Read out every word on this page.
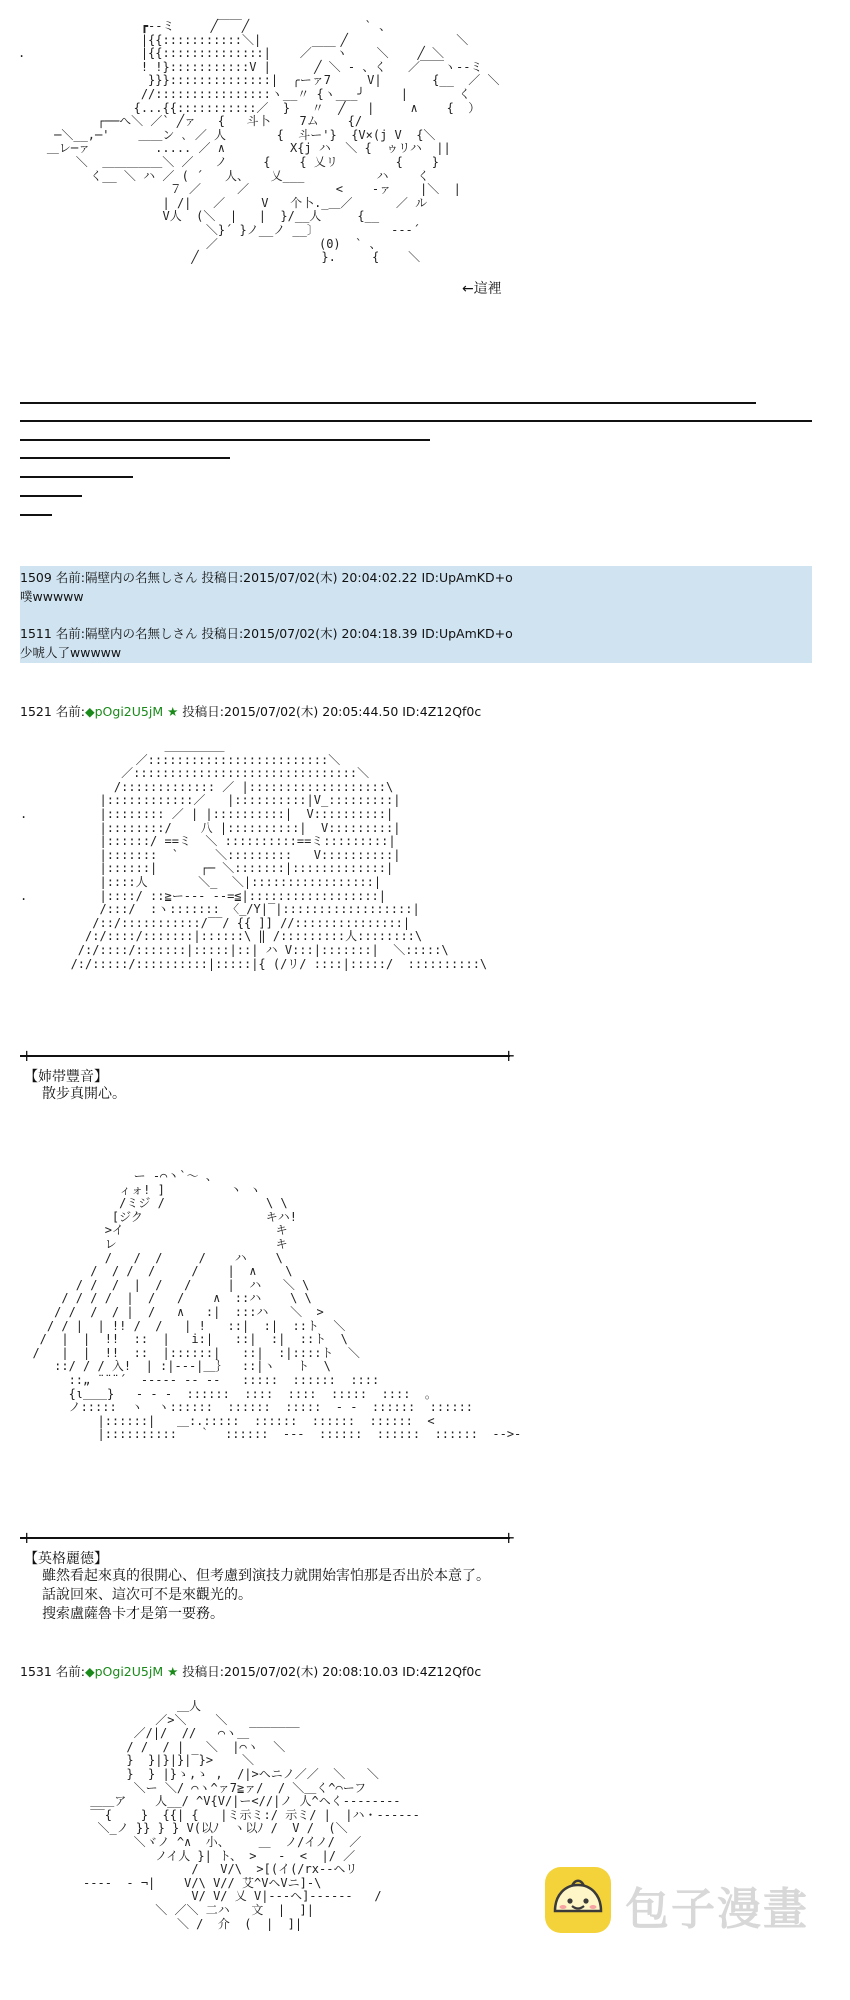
┏--ミ     ╱￣￣╱                ` 、
|{{:::::::::::＼|           ╱               ＼
.                |{{::::::::::::::|    ／￣￣ヽ    ＼    ╱ ＼
! !}:::::::::::V |      ╱ ＼ ‐ 、く   ／￣￣ヽ--ミ
}}}::::::::::::::|  ╭ーァ7     V|       {__  ／ ＼
//::::::::::::::::ヽ__〃 {ヽ___╯     |       く
{...{{:::::::::::／  }   〃  ╱   |     ∧    {  ）
┌──へ＼ ／` ╱ァ   {   斗卜    7ム    {/
─＼__,─'    ＿＿ン ､ ／ 人       {  斗ー'}  {V×(j V  {＼
＿レ─ァ         ..... ／ ∧         X{j ハ  ＼ {  ゥリハ  ||
＼  ＿＿＿＿＿＼ ／   ノ     {    { 乂リ        {    }
く__ ＼ ハ ／ ( ´   人、   乂___          ハ    く
７ ／     ／            <    ‐ァ    |＼  |
| /|   ／     V   个卜._＿／      ／ ル
V人  (＼  |   |  }/__人     {__
＼}´ }ノ__ノ __〕          ‐‐‐´
／              (0)  ` 、
╱                 }.     {    ＼
←這裡
1509 名前:隔壁内の名無しさん 投稿日:2015/07/02(木) 20:04:02.22 ID:UpAmKD+o
噗wwwww
1511 名前:隔壁内の名無しさん 投稿日:2015/07/02(木) 20:04:18.39 ID:UpAmKD+o
少唬人了wwwww
1521 名前:◆pOgi2U5jM ★ 投稿日:2015/07/02(木) 20:05:44.50 ID:4Z12Qf0c
＿＿＿＿＿
／:::::::::::::::::::::::::＼
／:::::::::::::::::::::::::::::::＼
/::::::::::::: ／ |:::::::::::::::::::\
|::::::::::::／   |::::::::::|V_:::::::::|
.          |:::::::: ／ | |::::::::::|  V::::::::::|
|::::::::/    八 |::::::::::|  V:::::::::|
|::::::/ ==ミ  ＼ ::::::::::==ミ:::::::::|
|:::::::  `     ＼:::::::::   V::::::::::|
|::::::|      ┌─ ＼:::::::|:::::::::::::|
|::::人       ＼_  ＼|:::::::::::::::::|
.          |::::/ ::≧ー‐‐‐ ‐‐=≦|::::::::::::::::::|
/:::/  :ヽ::::::: 〈_/Y|‾|::::::::::::::::::|
/::/:::::::::::/‾‾/ {{ ]] //:::::::::::::::|
/:/::::/:::::::|::::::\ ‖ /:::::::::人::::::::\
/:/::::/:::::::|:::::|::| ハ V:::|:::::::|  ＼:::::\
/:/:::::/::::::::::|:::::|{ (/リ/ ::::|:::::/  ::::::::::\
+	+
【姉帯豐音】
散步真開心。
ー ‐⌒丶`～ 、
ィォ! ]         丶 ヽ
/ミジ /              \ \
[ジク                 キハ!
>イ                     キ
レ                      キ
/   /  /     /    ハ    \
/  / /  /     /    |  ∧    \
/ /  /  |  /   /     |  ハ   ＼ \
/ / / /  |  /   /    ∧  ::ハ    \ \
/ /  /  / |  /   ∧   :|  :::ハ   ＼  >
/ / |  | !! /  /   | !   ::|  :|  ::ト  ＼
/  |  |  !!  ::  |   i:|   ::|  :|  ::ト  \
/   |  |  !!  ::  |::::::|   ::|  :|::::ト  ＼
::/ / / 入!  | :|‐‐‐|＿｝  ::|ヽ   ト  \
::„ ¨¨¨´  ‐‐‐‐‐ ‐‐ ‐‐   :::::  ::::::  ::::
{ι＿＿}   ‐ ‐ ‐  ::::::  ::::  ::::  :::::  ::::  。
ノ:::::  ヽ  ヽ::::::  ::::::  :::::  ‐ ‐  ::::::  ::::::
|::::::|   ＿:.:::::  ::::::  ::::::  ::::::  <
|::::::::::   ｀  ::::::  ‐‐‐  ::::::  ::::::  ::::::  ‐‐>‐
+	+
【英格麗德】
雖然看起來真的很開心、但考慮到演技力就開始害怕那是否出於本意了。
話說回來、這次可不是來觀光的。
搜索盧薩魯卡才是第一要務。
1531 名前:◆pOgi2U5jM ★ 投稿日:2015/07/02(木) 20:08:10.03 ID:4Z12Qf0c
＿人
／>＼    ＼
／/|/  //   ⌒ヽ＿‾‾‾‾‾‾‾
/ /  / |   ＼  |⌒ヽ  ＼
}  }|}|}|‾}>    ＼
}  } |}ゝ,ゝ ,  /|>ヘニノ／／  ＼   ＼
＼ー ＼/ ⌒ヽ^ァ7≧ァ/  / ＼＿く^⌒ーフ
＿＿ア    人__/ ^V{V/|ー<//|ノ 人^ヘく‐‐‐‐‐‐‐‐
‾‾{    }  {{| {   |ミ示ミ:/ 示ミ/ |  |ハ・‐‐‐‐‐‐
＼_ノ }} } } V(以ﾉ  ヽ以ﾉ /  V /  (＼
＼ヾノ ^∧  小、    ＿  ノ/イノ/  ／
ノイ人 }| ト、 >   ‐  <  |/ ／
/   V/\  >[(イ(/rx‐‐ヘリ
‐‐‐‐  ‐ ¬|    V/\ V// 艾^VヘVニ]‐\
V/ V/ 乂 V|‐‐‐ヘ]‐‐‐‐‐‐   /
＼ ／＼ 二ハ   文  |  ]|
＼ /  介  (  |  ]|	包子漫畫
